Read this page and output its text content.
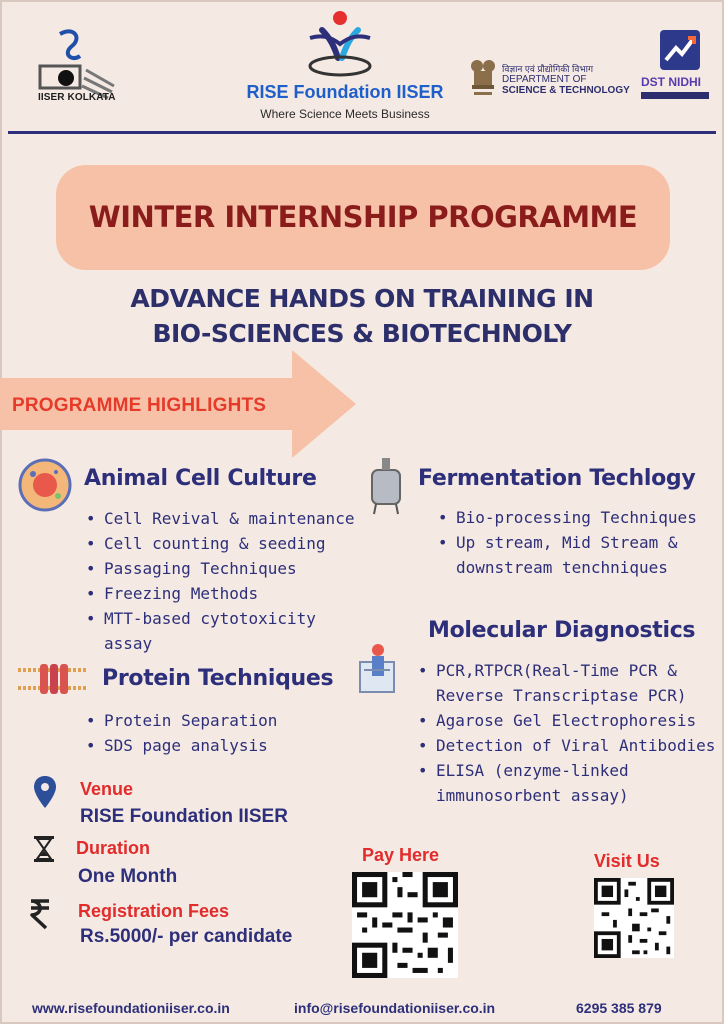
IISER KOLKATA	RISE Foundation IISER
Where Science Meets Business
विज्ञान एवं प्रौद्योगिकी विभाग
DEPARTMENT OF
SCIENCE & TECHNOLOGY
DST NIDHI
WINTER INTERNSHIP PROGRAMME
ADVANCE HANDS ON TRAINING IN
BIO-SCIENCES & BIOTECHNOLY
PROGRAMME HIGHLIGHTS
Animal Cell Culture
• Cell Revival & maintenance
• Cell counting & seeding
• Passaging Techniques
• Freezing Methods
• MTT-based cytotoxicity
assay
Fermentation Techlogy
• Bio-processing Techniques
• Up stream, Mid Stream &
downstream tenchniques
Protein Techniques
• Protein Separation
• SDS page analysis
Molecular Diagnostics
• PCR,RTPCR(Real-Time PCR &
Reverse Transcriptase PCR)
• Agarose Gel Electrophoresis
• Detection of Viral Antibodies
• ELISA (enzyme-linked
immunosorbent assay)
Venue
RISE Foundation IISER
Duration
One Month
Registration Fees
Rs.5000/- per candidate
Pay Here	Visit Us
www.risefoundationiiser.co.in	info@risefoundationiiser.co.in	6295 385 879
